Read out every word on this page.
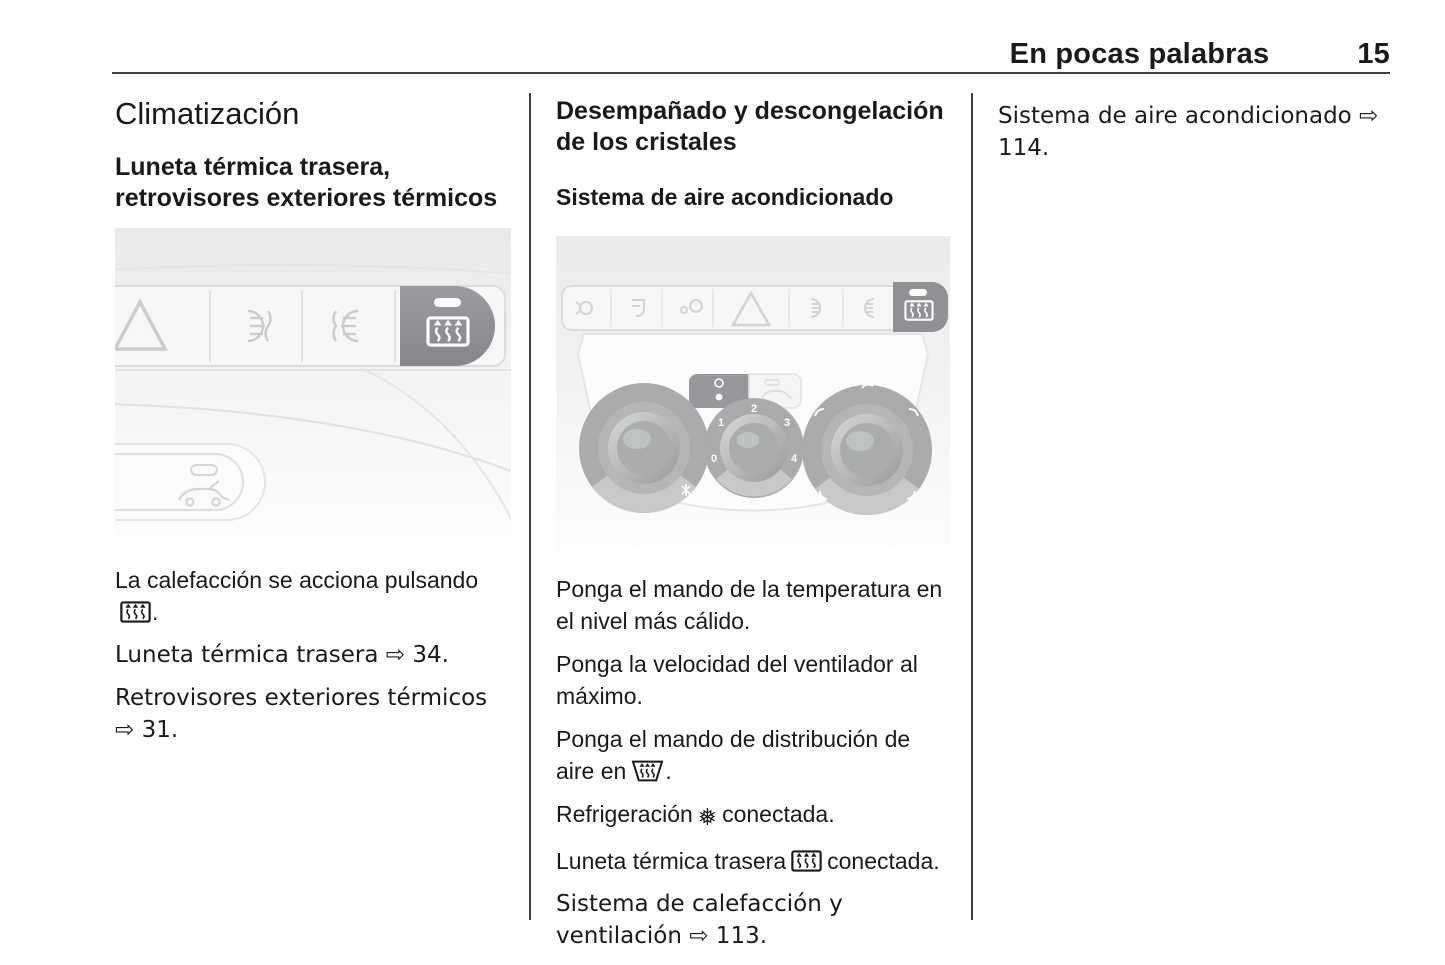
En pocas palabras	15
Climatización
Luneta térmica trasera, retrovisores exteriores térmicos

La calefacción se acciona pulsando.

Luneta térmica trasera ⇨ 34.

Retrovisores exteriores térmicos ⇨ 31.

Desempañado y descongelación de los cristales
Sistema de aire acondicionado
0
1
2
3
4

Ponga el mando de la temperatura en el nivel más cálido.

Ponga la velocidad del ventilador al máximo.

Ponga el mando de distribución de aire en .

Refrigeración ❅ conectada.

Luneta térmica trasera conectada.

Sistema de calefacción y ventilación ⇨ 113.

Sistema de aire acondicionado ⇨ 114.
